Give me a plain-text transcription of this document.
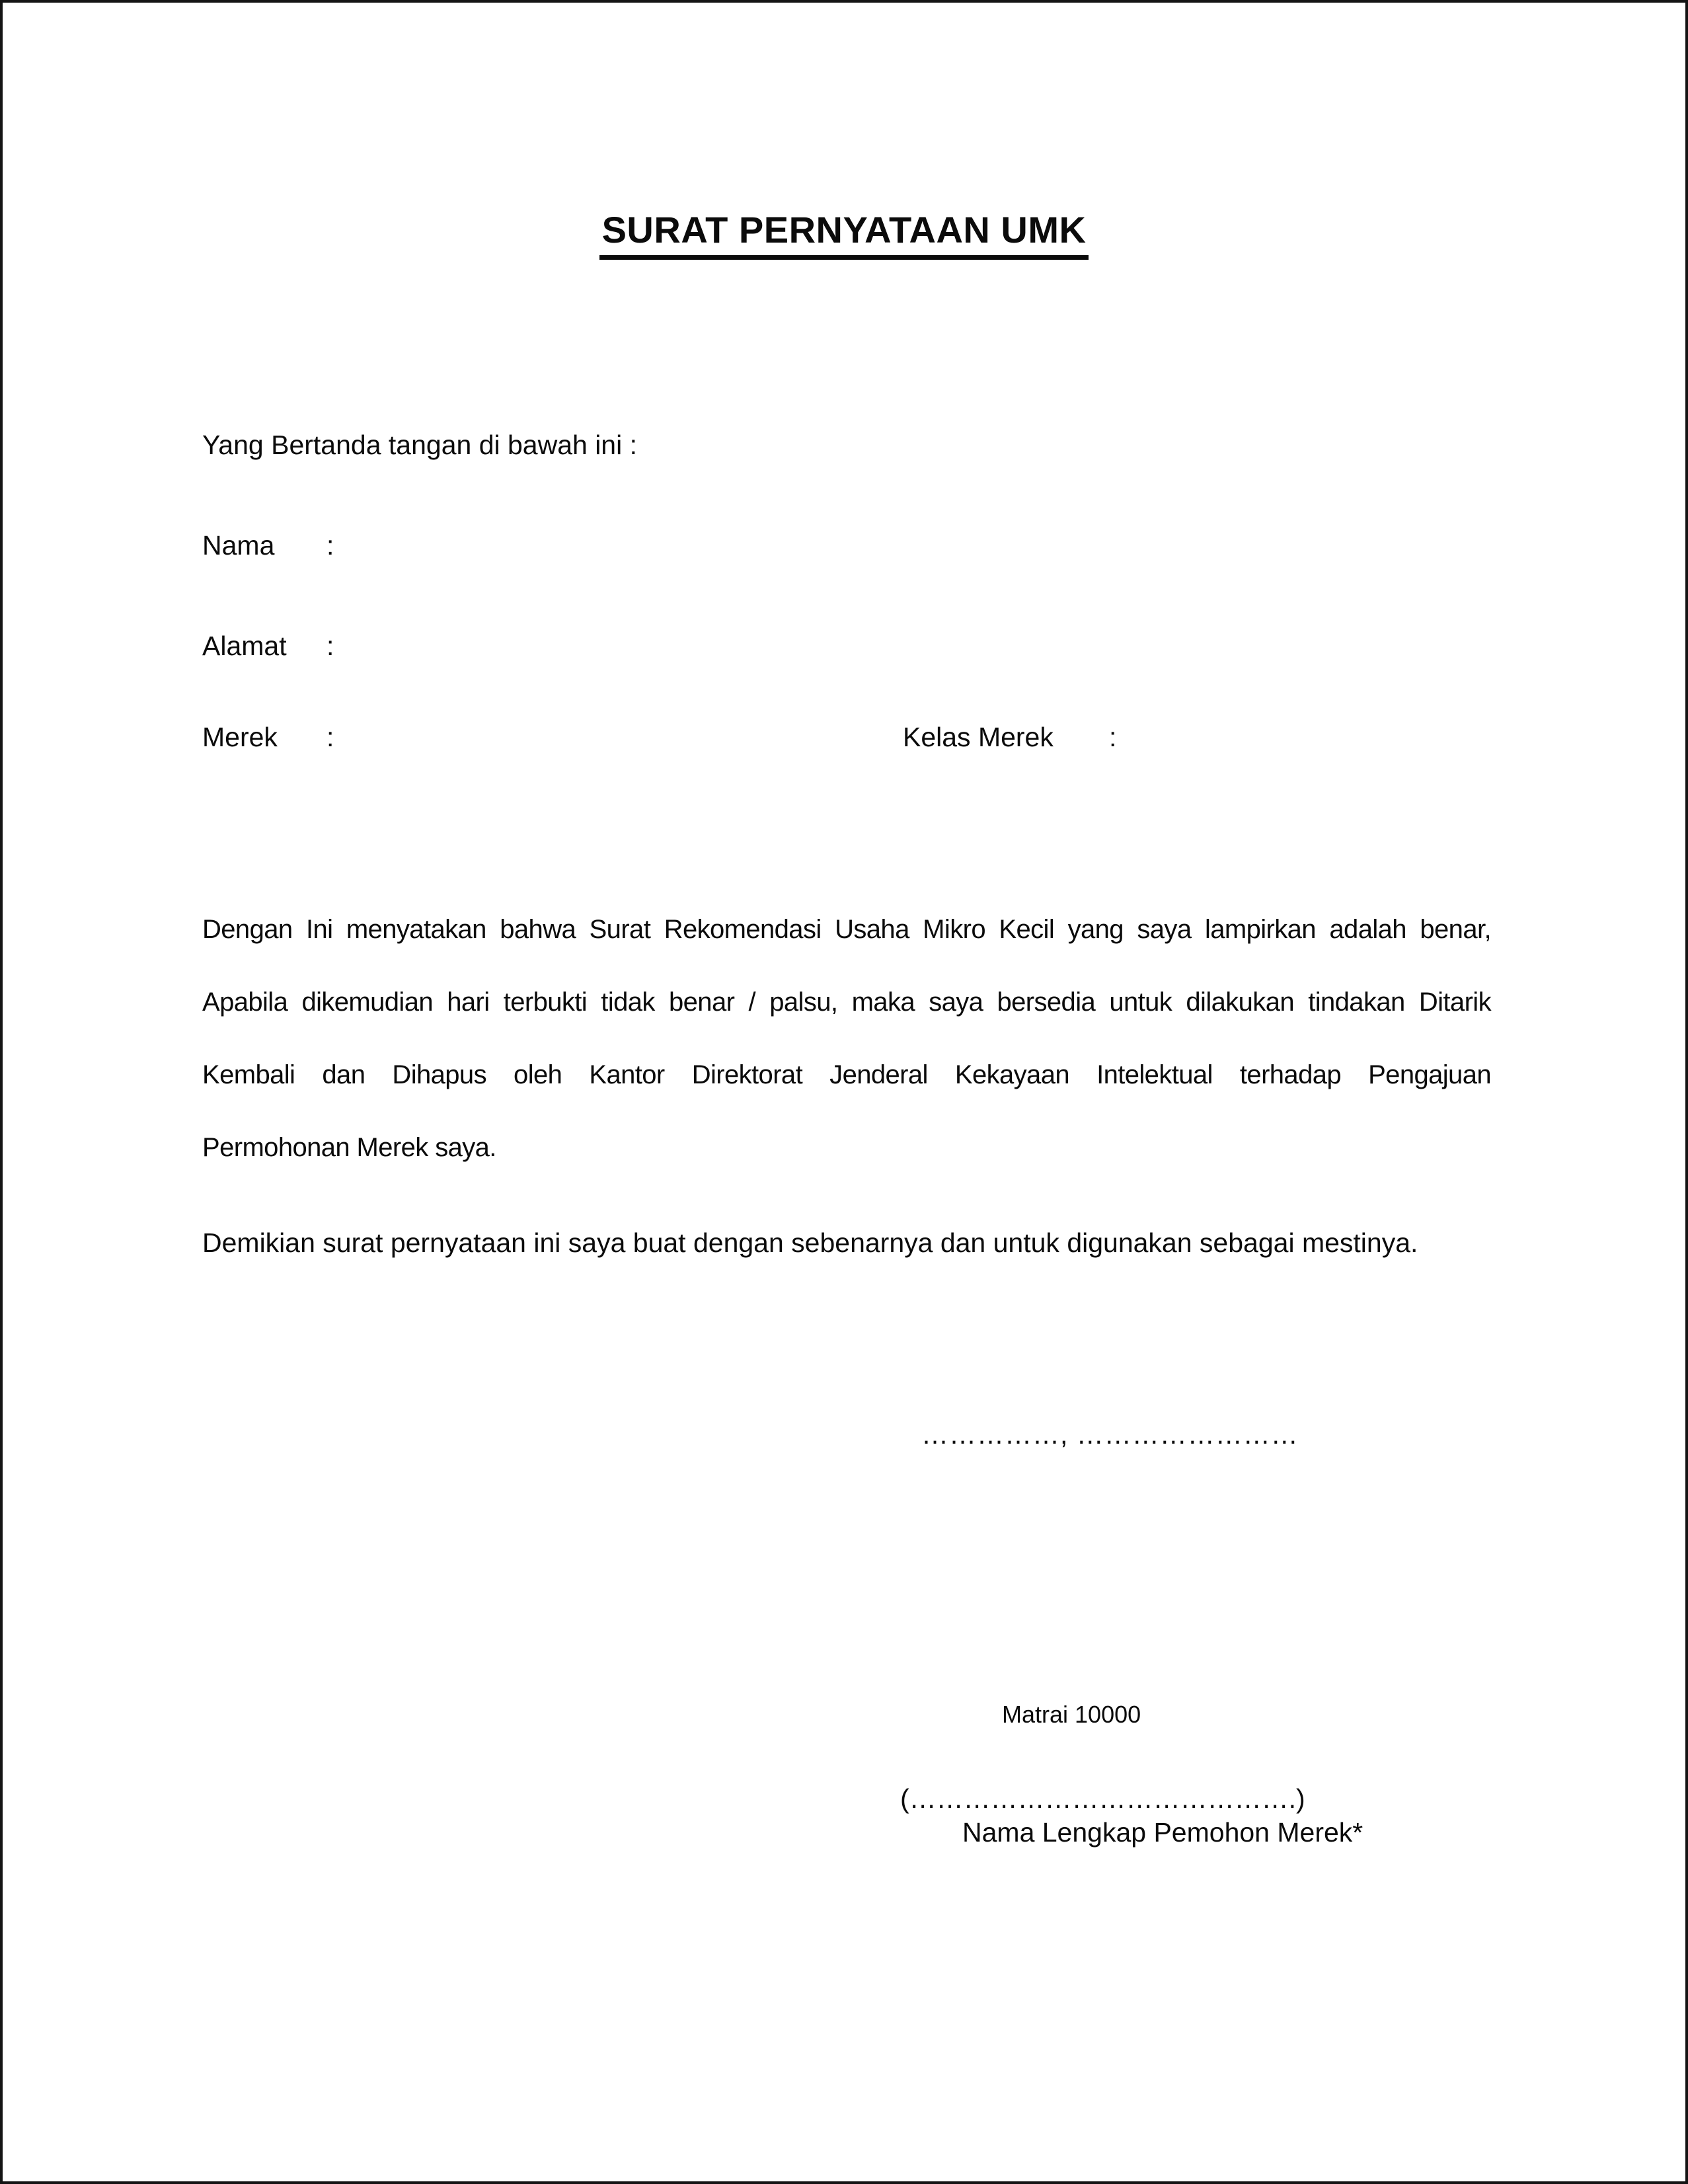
SURAT PERNYATAAN UMK
Yang Bertanda tangan di bawah ini :
Nama :
Alamat :
Merek :	Kelas Merek :
Dengan Ini menyatakan bahwa Surat Rekomendasi Usaha Mikro Kecil yang saya lampirkan adalah benar,
Apabila dikemudian hari terbukti tidak benar / palsu, maka saya bersedia untuk dilakukan tindakan Ditarik
Kembali dan Dihapus oleh Kantor Direktorat Jenderal Kekayaan Intelektual terhadap Pengajuan
Permohonan Merek saya.
Demikian surat pernyataan ini saya buat dengan sebenarnya dan untuk digunakan sebagai mestinya.
……………, ……………………
Matrai 10000
(…………………………………….)
Nama Lengkap Pemohon Merek*
